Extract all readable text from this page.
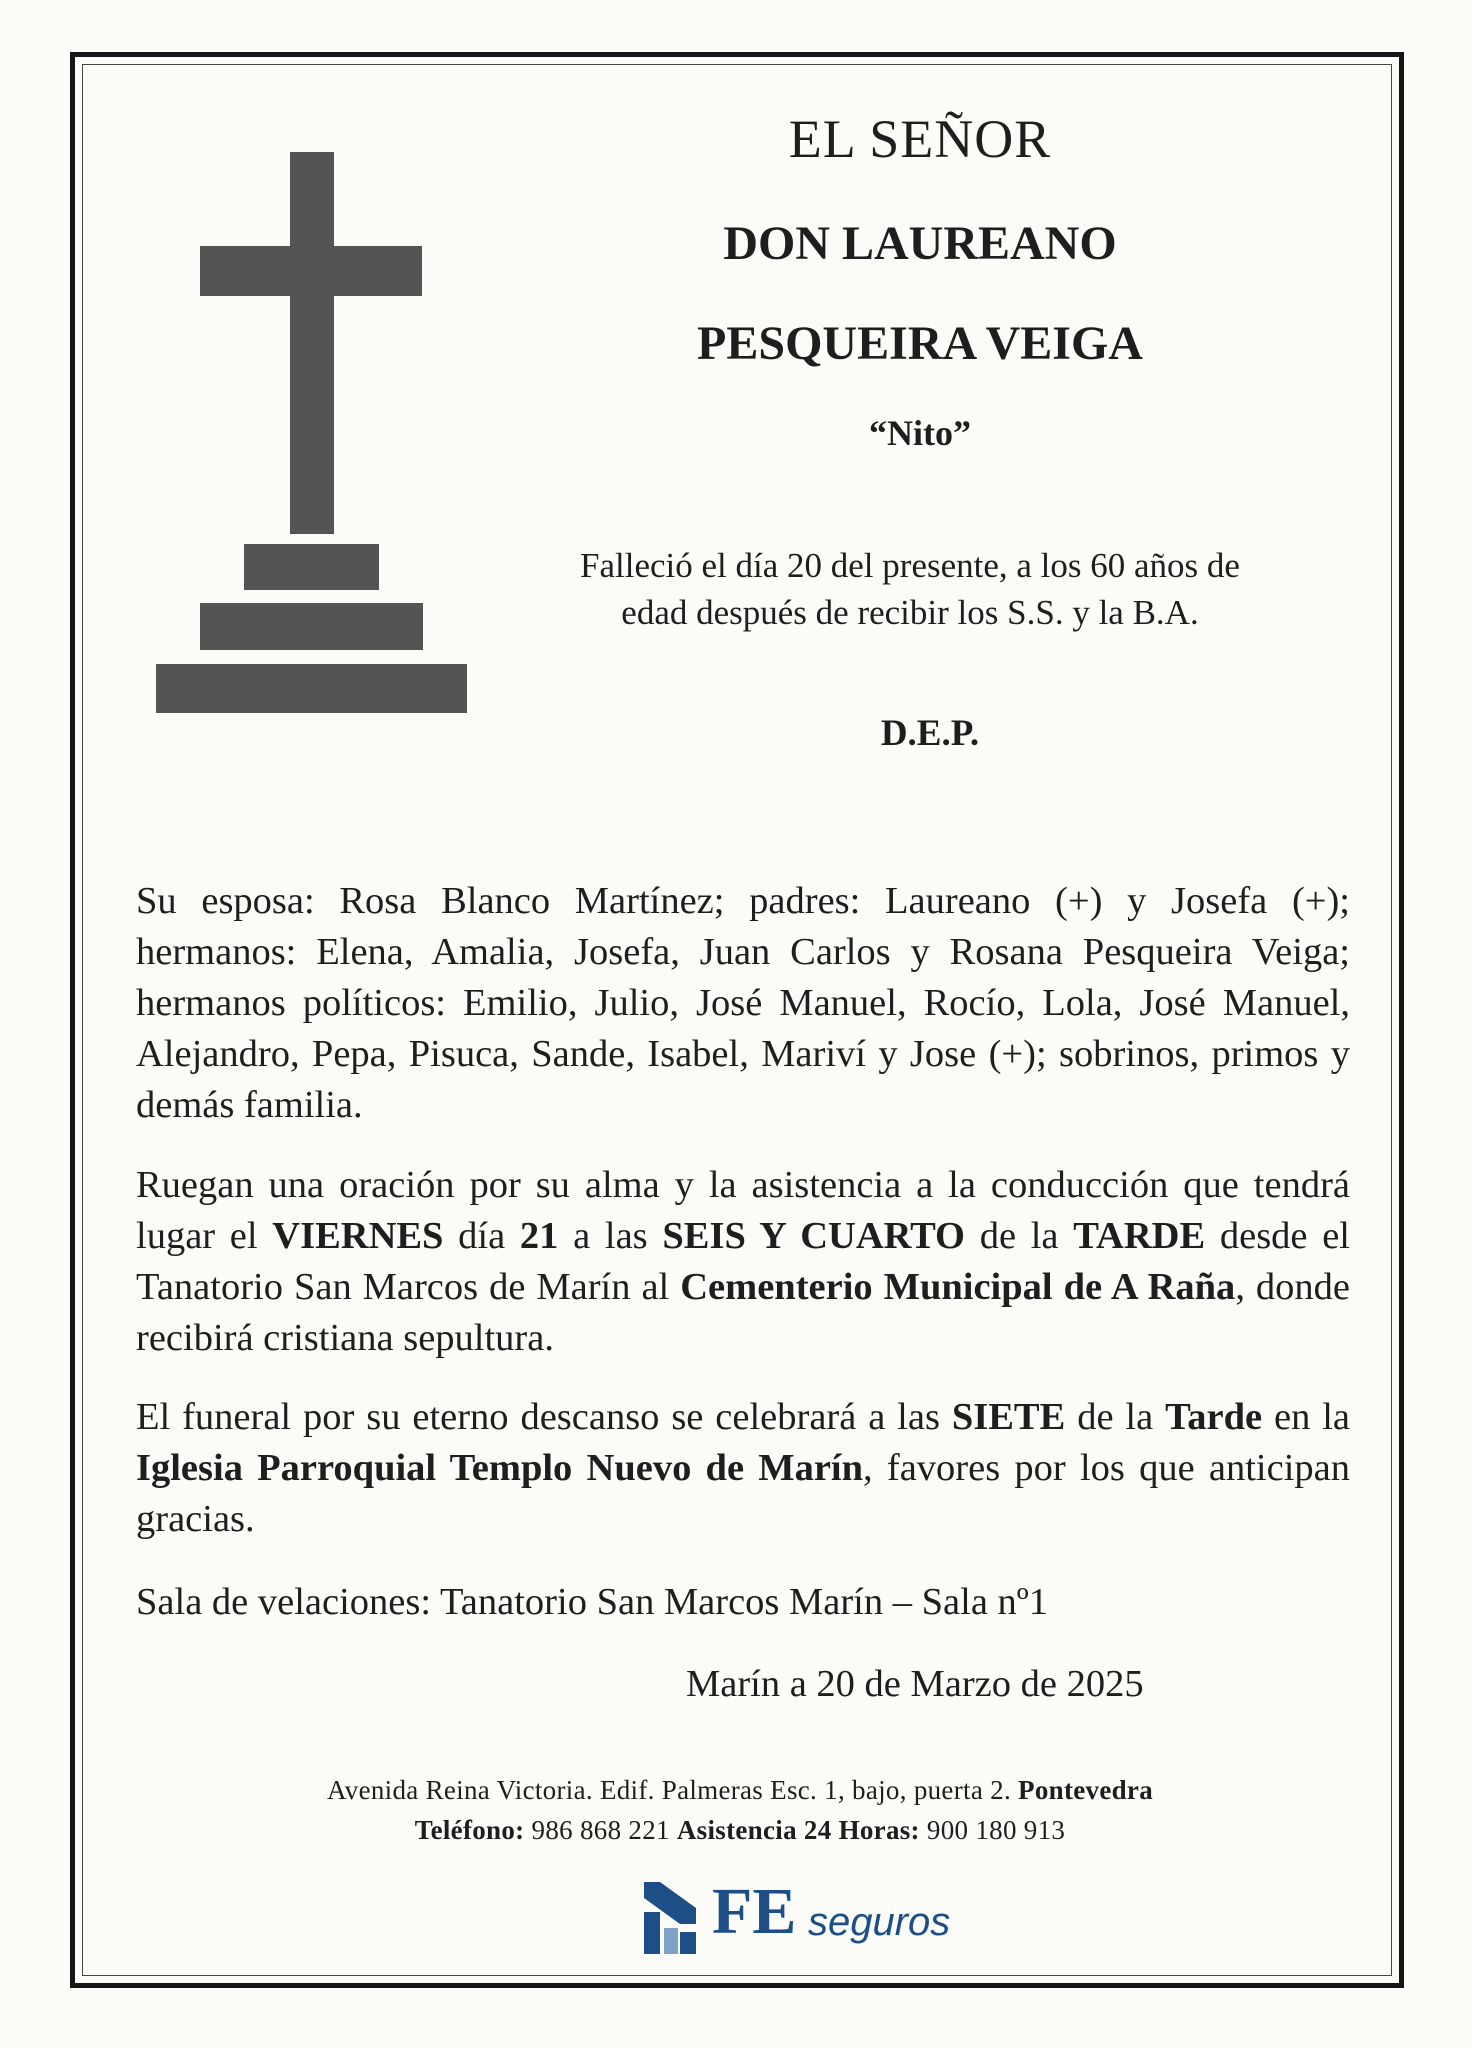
EL SEÑOR
DON LAUREANO
PESQUEIRA VEIGA
“Nito”
Falleció el día 20 del presente, a los 60 años de
edad después de recibir los S.S. y la B.A.
D.E.P.

Su esposa: Rosa Blanco Martínez; padres: Laureano (+) y Josefa (+); hermanos: Elena, Amalia, Josefa, Juan Carlos y Rosana Pesqueira Veiga; hermanos políticos: Emilio, Julio, José Manuel, Rocío, Lola, José Manuel, Alejandro, Pepa, Pisuca, Sande, Isabel, Mariví y Jose (+); sobrinos, primos y demás familia.

Ruegan una oración por su alma y la asistencia a la conducción que tendrá lugar el VIERNES día 21 a las SEIS Y CUARTO de la TARDE desde el Tanatorio San Marcos de Marín al Cementerio Municipal de A Raña, donde recibirá cristiana sepultura.

El funeral por su eterno descanso se celebrará a las SIETE de la Tarde en la Iglesia Parroquial Templo Nuevo de Marín, favores por los que anticipan gracias.

Sala de velaciones: Tanatorio San Marcos Marín – Sala nº1

Marín a 20 de Marzo de 2025
Avenida Reina Victoria. Edif. Palmeras Esc. 1, bajo, puerta 2. Pontevedra
Teléfono: 986 868 221 Asistencia 24 Horas: 900 180 913
FE seguros
